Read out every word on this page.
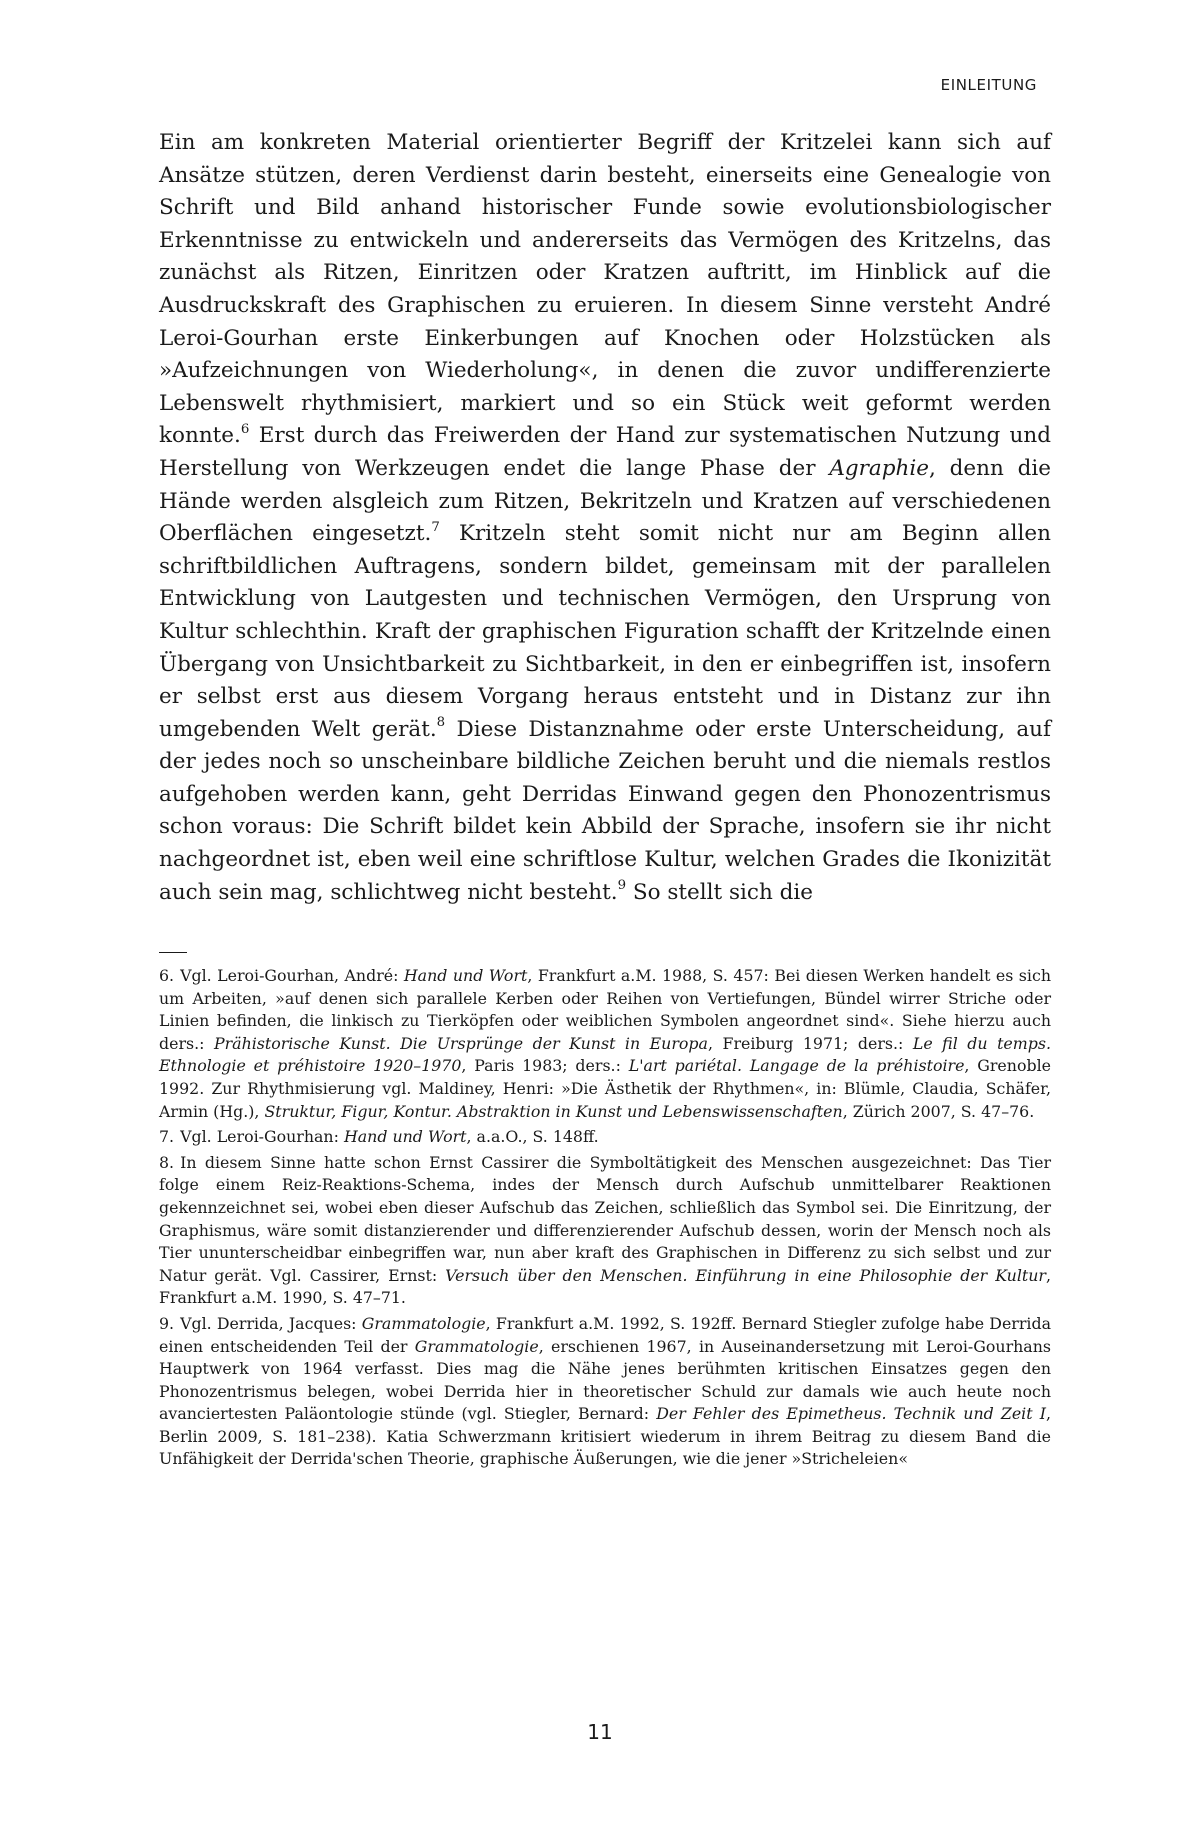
EINLEITUNG

Ein am konkreten Material orientierter Begriff der Kritzelei kann sich auf Ansätze stützen, deren Verdienst darin besteht, einerseits eine Genealogie von Schrift und Bild anhand historischer Funde sowie evolutionsbiologischer Erkenntnisse zu entwickeln und andererseits das Vermögen des Kritzelns, das zunächst als Ritzen, Einritzen oder Kratzen auftritt, im Hinblick auf die Ausdruckskraft des Graphischen zu eruieren. In diesem Sinne versteht André Leroi-Gourhan erste Einkerbungen auf Knochen oder Holzstücken als »Aufzeichnungen von Wiederholung«, in denen die zuvor undifferenzierte Lebenswelt rhythmisiert, markiert und so ein Stück weit geformt werden konnte.$^6$ Erst durch das Freiwerden der Hand zur systematischen Nutzung und Herstellung von Werkzeugen endet die lange Phase der Agraphie, denn die Hände werden alsgleich zum Ritzen, Bekritzeln und Kratzen auf verschiedenen Oberflächen eingesetzt.$^7$ Kritzeln steht somit nicht nur am Beginn allen schriftbildlichen Auftragens, sondern bildet, gemeinsam mit der parallelen Entwicklung von Lautgesten und technischen Vermögen, den Ursprung von Kultur schlechthin. Kraft der graphischen Figuration schafft der Kritzelnde einen Übergang von Unsichtbarkeit zu Sichtbarkeit, in den er einbegriffen ist, insofern er selbst erst aus diesem Vorgang heraus entsteht und in Distanz zur ihn umgebenden Welt gerät.$^8$ Diese Distanznahme oder erste Unterscheidung, auf der jedes noch so unscheinbare bildliche Zeichen beruht und die niemals restlos aufgehoben werden kann, geht Derridas Einwand gegen den Phonozentrismus schon voraus: Die Schrift bildet kein Abbild der Sprache, insofern sie ihr nicht nachgeordnet ist, eben weil eine schriftlose Kultur, welchen Grades die Ikonizität auch sein mag, schlichtweg nicht besteht.$^9$ So stellt sich die

6. Vgl. Leroi-Gourhan, André: Hand und Wort, Frankfurt a.M. 1988, S. 457: Bei diesen Werken handelt es sich um Arbeiten, »auf denen sich parallele Kerben oder Reihen von Vertiefungen, Bündel wirrer Striche oder Linien befinden, die linkisch zu Tierköpfen oder weiblichen Symbolen angeordnet sind«. Siehe hierzu auch ders.: Prähistorische Kunst. Die Ursprünge der Kunst in Europa, Freiburg 1971; ders.: Le fil du temps. Ethnologie et préhistoire 1920–1970, Paris 1983; ders.: L'art pariétal. Langage de la préhistoire, Grenoble 1992. Zur Rhythmisierung vgl. Maldiney, Henri: »Die Ästhetik der Rhythmen«, in: Blümle, Claudia, Schäfer, Armin (Hg.), Struktur, Figur, Kontur. Abstraktion in Kunst und Lebenswissenschaften, Zürich 2007, S. 47–76.

7. Vgl. Leroi-Gourhan: Hand und Wort, a.a.O., S. 148ff.

8. In diesem Sinne hatte schon Ernst Cassirer die Symboltätigkeit des Menschen ausgezeichnet: Das Tier folge einem Reiz-Reaktions-Schema, indes der Mensch durch Aufschub unmittelbarer Reaktionen gekennzeichnet sei, wobei eben dieser Aufschub das Zeichen, schließlich das Symbol sei. Die Einritzung, der Graphismus, wäre somit distanzierender und differenzierender Aufschub dessen, worin der Mensch noch als Tier ununterscheidbar einbegriffen war, nun aber kraft des Graphischen in Differenz zu sich selbst und zur Natur gerät. Vgl. Cassirer, Ernst: Versuch über den Menschen. Einführung in eine Philosophie der Kultur, Frankfurt a.M. 1990, S. 47–71.

9. Vgl. Derrida, Jacques: Grammatologie, Frankfurt a.M. 1992, S. 192ff. Bernard Stiegler zufolge habe Derrida einen entscheidenden Teil der Grammatologie, erschienen 1967, in Auseinandersetzung mit Leroi-Gourhans Hauptwerk von 1964 verfasst. Dies mag die Nähe jenes berühmten kritischen Einsatzes gegen den Phonozentrismus belegen, wobei Derrida hier in theoretischer Schuld zur damals wie auch heute noch avanciertesten Paläontologie stünde (vgl. Stiegler, Bernard: Der Fehler des Epimetheus. Technik und Zeit I, Berlin 2009, S. 181–238). Katia Schwerzmann kritisiert wiederum in ihrem Beitrag zu diesem Band die Unfähigkeit der Derrida'schen Theorie, graphische Äußerungen, wie die jener »Stricheleien«

11
